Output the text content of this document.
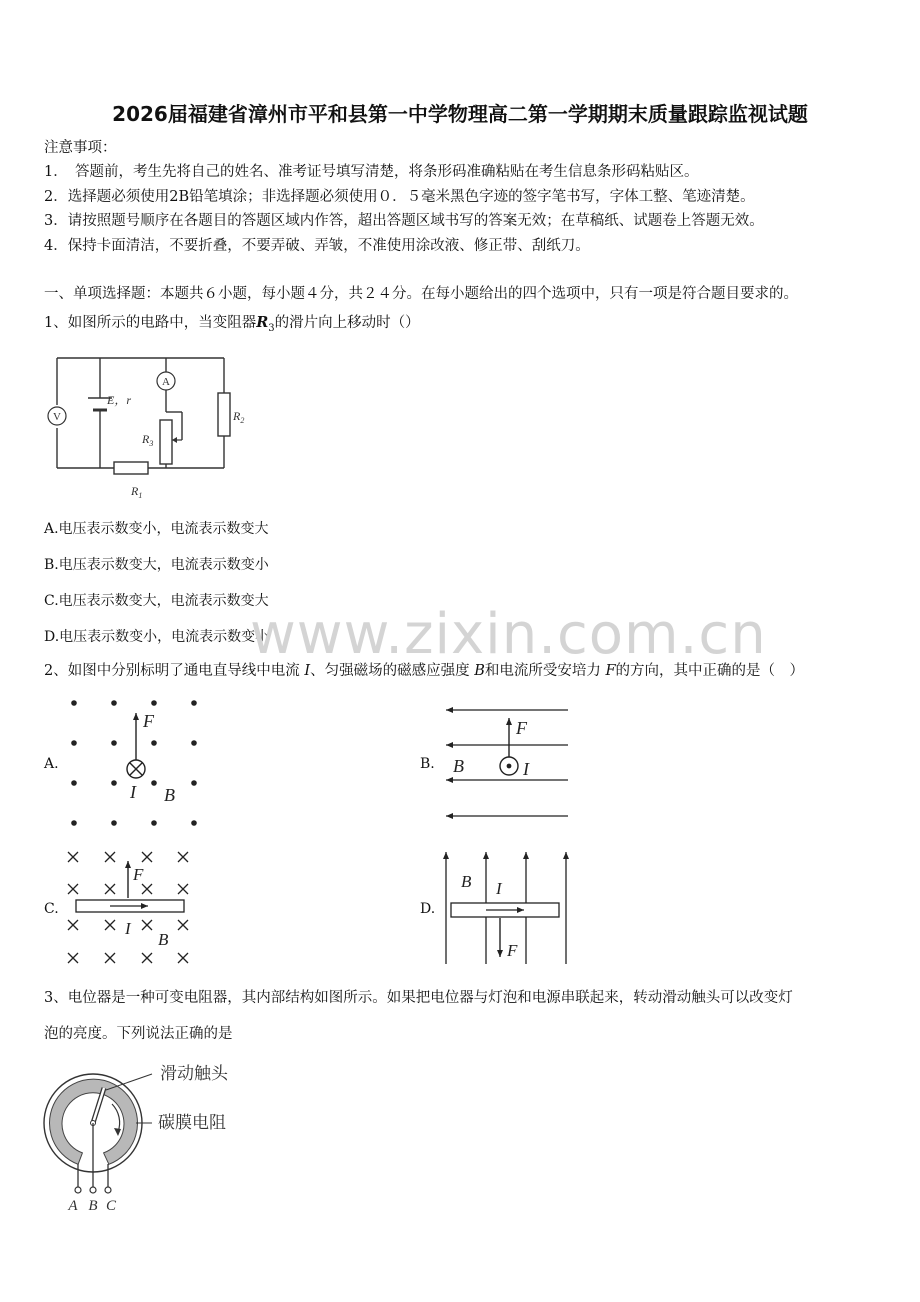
2026届福建省漳州市平和县第一中学物理高二第一学期期末质量跟踪监视试题
注意事项：
1．　答题前，考生先将自己的姓名、准考证号填写清楚，将条形码准确粘贴在考生信息条形码粘贴区。
2．选择题必须使用2B铅笔填涂；非选择题必须使用０．５毫米黑色字迹的签字笔书写，字体工整、笔迹清楚。
3．请按照题号顺序在各题目的答题区域内作答，超出答题区域书写的答案无效；在草稿纸、试题卷上答题无效。
4．保持卡面清洁，不要折叠，不要弄破、弄皱，不准使用涂改液、修正带、刮纸刀。
一、单项选择题：本题共６小题，每小题４分，共２４分。在每小题给出的四个选项中，只有一项是符合题目要求的。
1、如图所示的电路中，当变阻器$R_3$的滑片向上移动时（）
V
A
E，r
$R_1$
$R_2$
$R_3$
A.电压表示数变小，电流表示数变大
B.电压表示数变大，电流表示数变小
C.电压表示数变大，电流表示数变大
D.电压表示数变小，电流表示数变小
www.zixin.com.cn
2、如图中分别标明了通电直导线中电流 I、匀强磁场的磁感应强度 B和电流所受安培力 F的方向，其中正确的是（　）
A.	B.
C.	D.
F
I B
F
I
B
F
I
B
F
I
B
3、电位器是一种可变电阻器，其内部结构如图所示。如果把电位器与灯泡和电源串联起来，转动滑动触头可以改变灯
泡的亮度。下列说法正确的是
滑动触头
碳膜电阻
A B C
